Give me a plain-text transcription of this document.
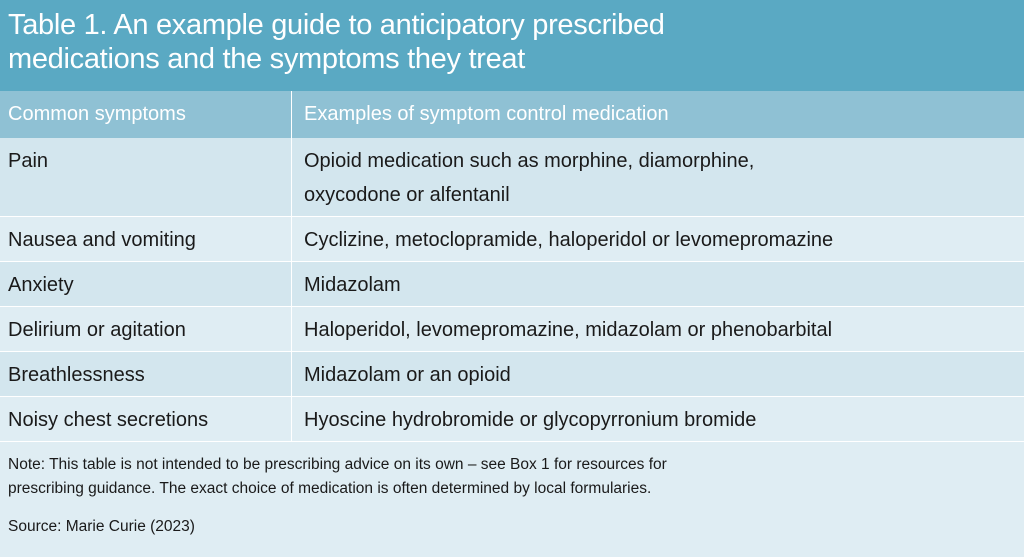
Table 1. An example guide to anticipatory prescribed
medications and the symptoms they treat
Common symptoms	Examples of symptom control medication
Pain	Opioid medication such as morphine, diamorphine,
oxycodone or alfentanil
Nausea and vomiting	Cyclizine, metoclopramide, haloperidol or levomepromazine
Anxiety	Midazolam
Delirium or agitation	Haloperidol, levomepromazine, midazolam or phenobarbital
Breathlessness	Midazolam or an opioid
Noisy chest secretions	Hyoscine hydrobromide or glycopyrronium bromide
Note: This table is not intended to be prescribing advice on its own – see Box 1 for resources for
prescribing guidance. The exact choice of medication is often determined by local formularies.
Source: Marie Curie (2023)
